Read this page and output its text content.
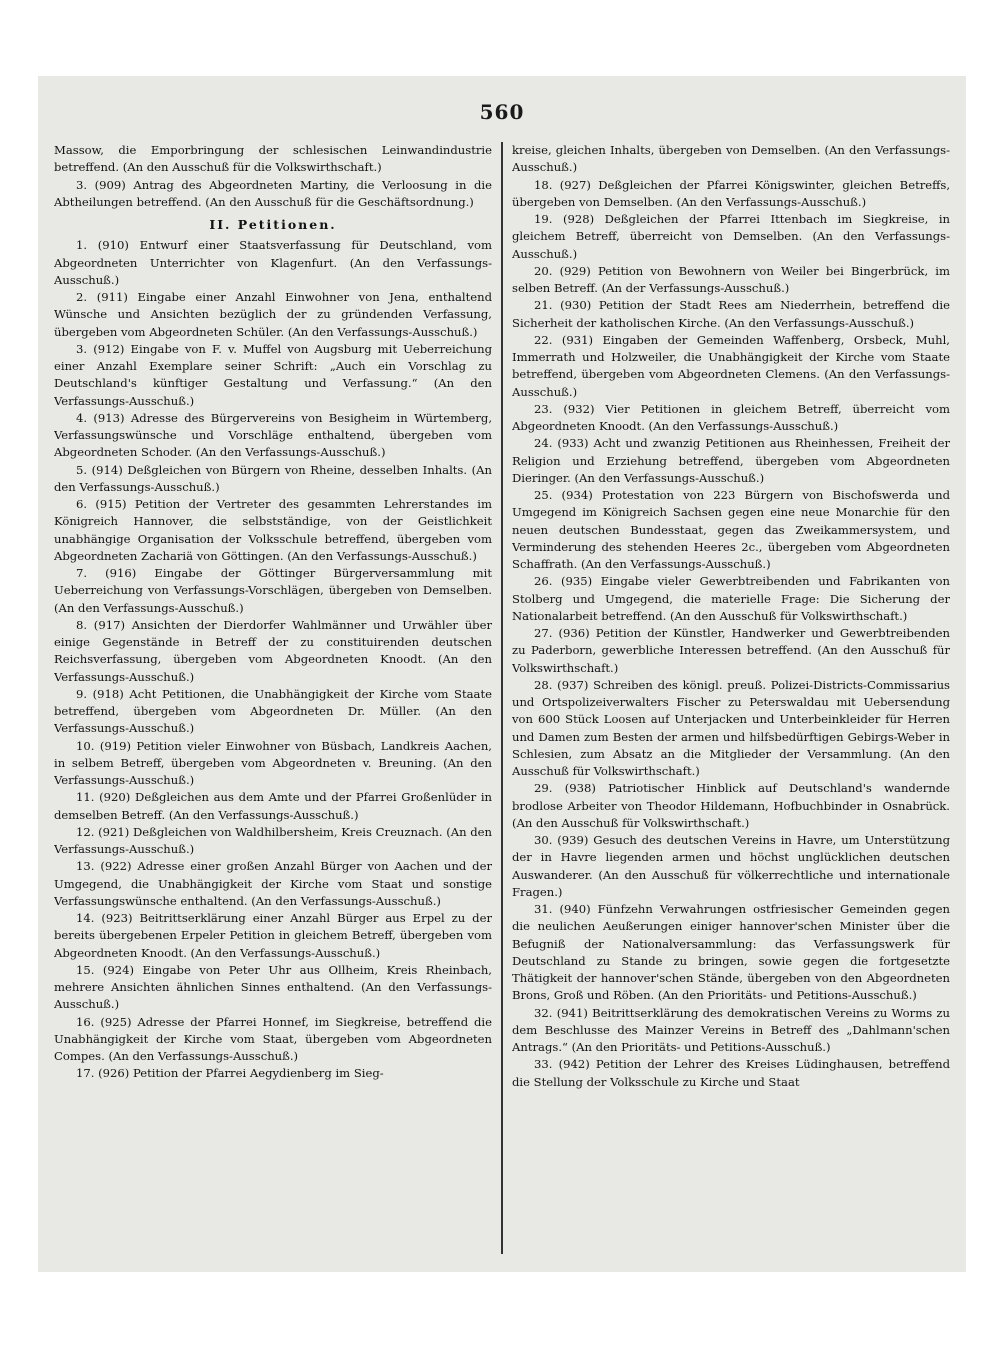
560

Massow, die Emporbringung der schlesischen Leinwandindustrie betreffend. (An den Ausschuß für die Volkswirthschaft.)

3. (909) Antrag des Abgeordneten Martiny, die Verloosung in die Abtheilungen betreffend. (An den Ausschuß für die Geschäftsordnung.)

II. Petitionen.

1. (910) Entwurf einer Staatsverfassung für Deutschland, vom Abgeordneten Unterrichter von Klagenfurt. (An den Verfassungs-Ausschuß.)

2. (911) Eingabe einer Anzahl Einwohner von Jena, enthaltend Wünsche und Ansichten bezüglich der zu gründenden Verfassung, übergeben vom Abgeordneten Schüler. (An den Verfassungs-Ausschuß.)

3. (912) Eingabe von F. v. Muffel von Augsburg mit Ueberreichung einer Anzahl Exemplare seiner Schrift: „Auch ein Vorschlag zu Deutschland's künftiger Gestaltung und Verfassung.“ (An den Verfassungs-Ausschuß.)

4. (913) Adresse des Bürgervereins von Besigheim in Würtemberg, Verfassungswünsche und Vorschläge enthaltend, übergeben vom Abgeordneten Schoder. (An den Verfassungs-Ausschuß.)

5. (914) Deßgleichen von Bürgern von Rheine, desselben Inhalts. (An den Verfassungs-Ausschuß.)

6. (915) Petition der Vertreter des gesammten Lehrerstandes im Königreich Hannover, die selbstständige, von der Geistlichkeit unabhängige Organisation der Volksschule betreffend, übergeben vom Abgeordneten Zachariä von Göttingen. (An den Verfassungs-Ausschuß.)

7. (916) Eingabe der Göttinger Bürgerversammlung mit Ueberreichung von Verfassungs-Vorschlägen, übergeben von Demselben. (An den Verfassungs-Ausschuß.)

8. (917) Ansichten der Dierdorfer Wahlmänner und Urwähler über einige Gegenstände in Betreff der zu constituirenden deutschen Reichsverfassung, übergeben vom Abgeordneten Knoodt. (An den Verfassungs-Ausschuß.)

9. (918) Acht Petitionen, die Unabhängigkeit der Kirche vom Staate betreffend, übergeben vom Abgeordneten Dr. Müller. (An den Verfassungs-Ausschuß.)

10. (919) Petition vieler Einwohner von Büsbach, Landkreis Aachen, in selbem Betreff, übergeben vom Abgeordneten v. Breuning. (An den Verfassungs-Ausschuß.)

11. (920) Deßgleichen aus dem Amte und der Pfarrei Großenlüder in demselben Betreff. (An den Verfassungs-Ausschuß.)

12. (921) Deßgleichen von Waldhilbersheim, Kreis Creuznach. (An den Verfassungs-Ausschuß.)

13. (922) Adresse einer großen Anzahl Bürger von Aachen und der Umgegend, die Unabhängigkeit der Kirche vom Staat und sonstige Verfassungswünsche enthaltend. (An den Verfassungs-Ausschuß.)

14. (923) Beitrittserklärung einer Anzahl Bürger aus Erpel zu der bereits übergebenen Erpeler Petition in gleichem Betreff, übergeben vom Abgeordneten Knoodt. (An den Verfassungs-Ausschuß.)

15. (924) Eingabe von Peter Uhr aus Ollheim, Kreis Rheinbach, mehrere Ansichten ähnlichen Sinnes enthaltend. (An den Verfassungs-Ausschuß.)

16. (925) Adresse der Pfarrei Honnef, im Siegkreise, betreffend die Unabhängigkeit der Kirche vom Staat, übergeben vom Abgeordneten Compes. (An den Verfassungs-Ausschuß.)

17. (926) Petition der Pfarrei Aegydienberg im Sieg-

kreise, gleichen Inhalts, übergeben von Demselben. (An den Verfassungs-Ausschuß.)

18. (927) Deßgleichen der Pfarrei Königswinter, gleichen Betreffs, übergeben von Demselben. (An den Verfassungs-Ausschuß.)

19. (928) Deßgleichen der Pfarrei Ittenbach im Siegkreise, in gleichem Betreff, überreicht von Demselben. (An den Verfassungs-Ausschuß.)

20. (929) Petition von Bewohnern von Weiler bei Bingerbrück, im selben Betreff. (An der Verfassungs-Ausschuß.)

21. (930) Petition der Stadt Rees am Niederrhein, betreffend die Sicherheit der katholischen Kirche. (An den Verfassungs-Ausschuß.)

22. (931) Eingaben der Gemeinden Waffenberg, Orsbeck, Muhl, Immerrath und Holzweiler, die Unabhängigkeit der Kirche vom Staate betreffend, übergeben vom Abgeordneten Clemens. (An den Verfassungs-Ausschuß.)

23. (932) Vier Petitionen in gleichem Betreff, überreicht vom Abgeordneten Knoodt. (An den Verfassungs-Ausschuß.)

24. (933) Acht und zwanzig Petitionen aus Rheinhessen, Freiheit der Religion und Erziehung betreffend, übergeben vom Abgeordneten Dieringer. (An den Verfassungs-Ausschuß.)

25. (934) Protestation von 223 Bürgern von Bischofswerda und Umgegend im Königreich Sachsen gegen eine neue Monarchie für den neuen deutschen Bundesstaat, gegen das Zweikammersystem, und Verminderung des stehenden Heeres 2c., übergeben vom Abgeordneten Schaffrath. (An den Verfassungs-Ausschuß.)

26. (935) Eingabe vieler Gewerbtreibenden und Fabrikanten von Stolberg und Umgegend, die materielle Frage: Die Sicherung der Nationalarbeit betreffend. (An den Ausschuß für Volkswirthschaft.)

27. (936) Petition der Künstler, Handwerker und Gewerbtreibenden zu Paderborn, gewerbliche Interessen betreffend. (An den Ausschuß für Volkswirthschaft.)

28. (937) Schreiben des königl. preuß. Polizei-Districts-Commissarius und Ortspolizeiverwalters Fischer zu Peterswaldau mit Uebersendung von 600 Stück Loosen auf Unterjacken und Unterbeinkleider für Herren und Damen zum Besten der armen und hilfsbedürftigen Gebirgs-Weber in Schlesien, zum Absatz an die Mitglieder der Versammlung. (An den Ausschuß für Volkswirthschaft.)

29. (938) Patriotischer Hinblick auf Deutschland's wandernde brodlose Arbeiter von Theodor Hildemann, Hofbuchbinder in Osnabrück. (An den Ausschuß für Volkswirthschaft.)

30. (939) Gesuch des deutschen Vereins in Havre, um Unterstützung der in Havre liegenden armen und höchst unglücklichen deutschen Auswanderer. (An den Ausschuß für völkerrechtliche und internationale Fragen.)

31. (940) Fünfzehn Verwahrungen ostfriesischer Gemeinden gegen die neulichen Aeußerungen einiger hannover'schen Minister über die Befugniß der Nationalversammlung: das Verfassungswerk für Deutschland zu Stande zu bringen, sowie gegen die fortgesetzte Thätigkeit der hannover'schen Stände, übergeben von den Abgeordneten Brons, Groß und Röben. (An den Prioritäts- und Petitions-Ausschuß.)

32. (941) Beitrittserklärung des demokratischen Vereins zu Worms zu dem Beschlusse des Mainzer Vereins in Betreff des „Dahlmann'schen Antrags.“ (An den Prioritäts- und Petitions-Ausschuß.)

33. (942) Petition der Lehrer des Kreises Lüdinghausen, betreffend die Stellung der Volksschule zu Kirche und Staat
